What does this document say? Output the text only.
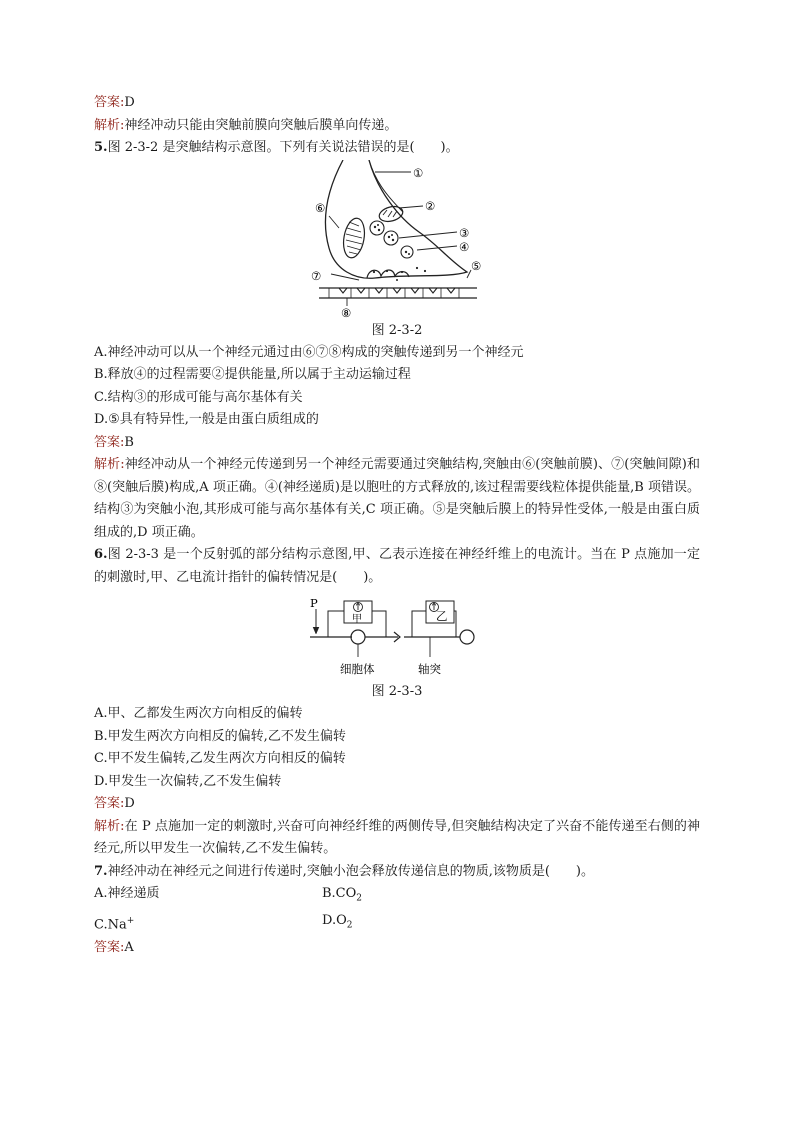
答案:D
解析:神经冲动只能由突触前膜向突触后膜单向传递。
5.图 2-3-2 是突触结构示意图。下列有关说法错误的是(　　)。
①
②
③
④
⑤
⑥
⑦
⑧
图 2-3-2
A.神经冲动可以从一个神经元通过由⑥⑦⑧构成的突触传递到另一个神经元
B.释放④的过程需要②提供能量,所以属于主动运输过程
C.结构③的形成可能与高尔基体有关
D.⑤具有特异性,一般是由蛋白质组成的
答案:B
解析:神经冲动从一个神经元传递到另一个神经元需要通过突触结构,突触由⑥(突触前膜)、⑦(突触间隙)和⑧(突触后膜)构成,A 项正确。④(神经递质)是以胞吐的方式释放的,该过程需要线粒体提供能量,B 项错误。结构③为突触小泡,其形成可能与高尔基体有关,C 项正确。⑤是突触后膜上的特异性受体,一般是由蛋白质组成的,D 项正确。
6.图 2-3-3 是一个反射弧的部分结构示意图,甲、乙表示连接在神经纤维上的电流计。当在 P 点施加一定的刺激时,甲、乙电流计指针的偏转情况是(　　)。
P
甲	乙
细胞体	轴突
图 2-3-3
A.甲、乙都发生两次方向相反的偏转
B.甲发生两次方向相反的偏转,乙不发生偏转
C.甲不发生偏转,乙发生两次方向相反的偏转
D.甲发生一次偏转,乙不发生偏转
答案:D
解析:在 P 点施加一定的刺激时,兴奋可向神经纤维的两侧传导,但突触结构决定了兴奋不能传递至右侧的神经元,所以甲发生一次偏转,乙不发生偏转。
7.神经冲动在神经元之间进行传递时,突触小泡会释放传递信息的物质,该物质是(　　)。
A.神经递质	$B.CO_2$
C.Na+	$D.O_2$
答案:A
